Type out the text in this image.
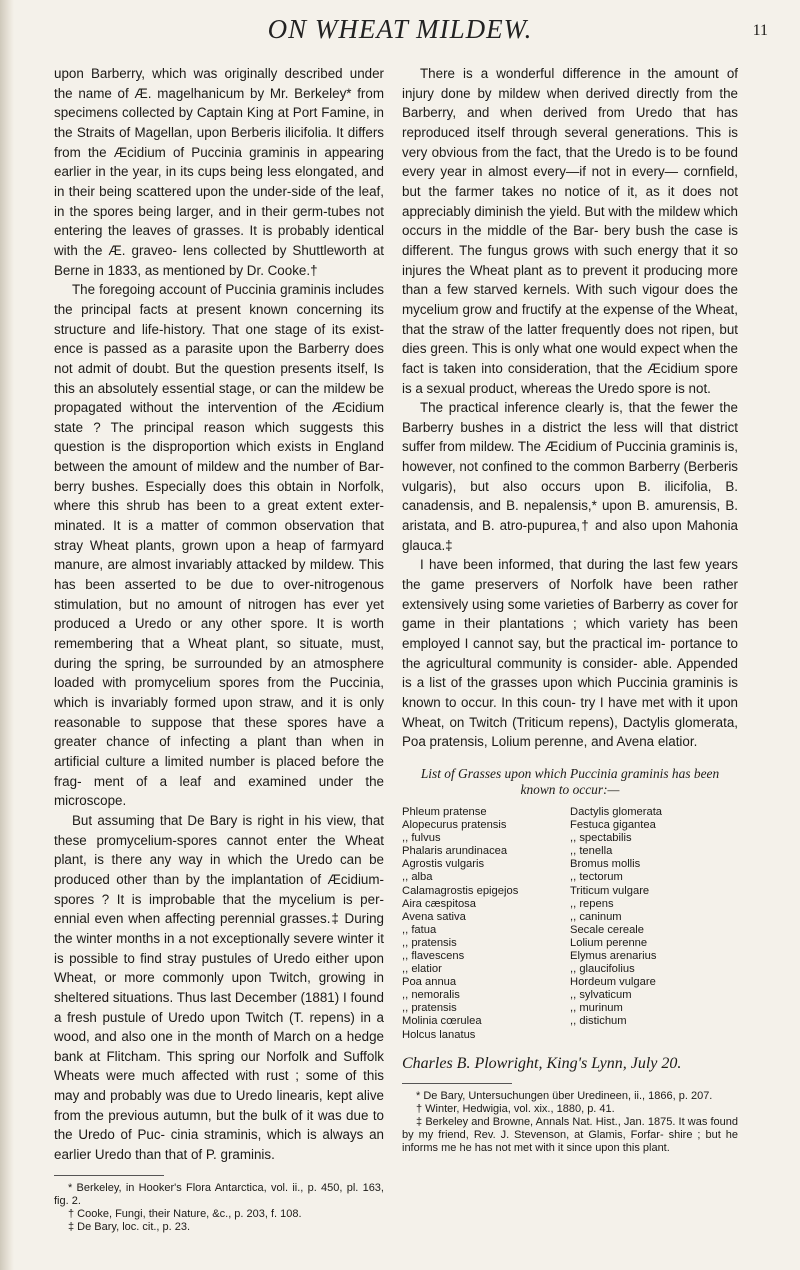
ON WHEAT MILDEW.	11

upon Barberry, which was originally described under the name of Æ. magelhanicum by Mr. Berkeley* from specimens collected by Captain King at Port Famine, in the Straits of Magellan, upon Berberis ilicifolia. It differs from the Æcidium of Puccinia graminis in appearing earlier in the year, in its cups being less elongated, and in their being scattered upon the under-side of the leaf, in the spores being larger, and in their germ-tubes not entering the leaves of grasses. It is probably identical with the Æ. graveo- lens collected by Shuttleworth at Berne in 1833, as mentioned by Dr. Cooke.†

The foregoing account of Puccinia graminis includes the principal facts at present known concerning its structure and life-history. That one stage of its exist- ence is passed as a parasite upon the Barberry does not admit of doubt. But the question presents itself, Is this an absolutely essential stage, or can the mildew be propagated without the intervention of the Æcidium state ? The principal reason which suggests this question is the disproportion which exists in England between the amount of mildew and the number of Bar- berry bushes. Especially does this obtain in Norfolk, where this shrub has been to a great extent exter- minated. It is a matter of common observation that stray Wheat plants, grown upon a heap of farmyard manure, are almost invariably attacked by mildew. This has been asserted to be due to over-nitrogenous stimulation, but no amount of nitrogen has ever yet produced a Uredo or any other spore. It is worth remembering that a Wheat plant, so situate, must, during the spring, be surrounded by an atmosphere loaded with promycelium spores from the Puccinia, which is invariably formed upon straw, and it is only reasonable to suppose that these spores have a greater chance of infecting a plant than when in artificial culture a limited number is placed before the frag- ment of a leaf and examined under the microscope.

But assuming that De Bary is right in his view, that these promycelium-spores cannot enter the Wheat plant, is there any way in which the Uredo can be produced other than by the implantation of Æcidium- spores ? It is improbable that the mycelium is per- ennial even when affecting perennial grasses.‡ During the winter months in a not exceptionally severe winter it is possible to find stray pustules of Uredo either upon Wheat, or more commonly upon Twitch, growing in sheltered situations. Thus last December (1881) I found a fresh pustule of Uredo upon Twitch (T. repens) in a wood, and also one in the month of March on a hedge bank at Flitcham. This spring our Norfolk and Suffolk Wheats were much affected with rust ; some of this may and probably was due to Uredo linearis, kept alive from the previous autumn, but the bulk of it was due to the Uredo of Puc- cinia straminis, which is always an earlier Uredo than that of P. graminis.

* Berkeley, in Hooker's Flora Antarctica, vol. ii., p. 450, pl. 163, fig. 2.
† Cooke, Fungi, their Nature, &c., p. 203, f. 108.
‡ De Bary, loc. cit., p. 23.

There is a wonderful difference in the amount of injury done by mildew when derived directly from the Barberry, and when derived from Uredo that has reproduced itself through several generations. This is very obvious from the fact, that the Uredo is to be found every year in almost every—if not in every— cornfield, but the farmer takes no notice of it, as it does not appreciably diminish the yield. But with the mildew which occurs in the middle of the Bar- bery bush the case is different. The fungus grows with such energy that it so injures the Wheat plant as to prevent it producing more than a few starved kernels. With such vigour does the mycelium grow and fructify at the expense of the Wheat, that the straw of the latter frequently does not ripen, but dies green. This is only what one would expect when the fact is taken into consideration, that the Æcidium spore is a sexual product, whereas the Uredo spore is not.

The practical inference clearly is, that the fewer the Barberry bushes in a district the less will that district suffer from mildew. The Æcidium of Puccinia graminis is, however, not confined to the common Barberry (Berberis vulgaris), but also occurs upon B. ilicifolia, B. canadensis, and B. nepalensis,* upon B. amurensis, B. aristata, and B. atro-pupurea,† and also upon Mahonia glauca.‡

I have been informed, that during the last few years the game preservers of Norfolk have been rather extensively using some varieties of Barberry as cover for game in their plantations ; which variety has been employed I cannot say, but the practical im- portance to the agricultural community is consider- able. Appended is a list of the grasses upon which Puccinia graminis is known to occur. In this coun- try I have met with it upon Wheat, on Twitch (Triticum repens), Dactylis glomerata, Poa pratensis, Lolium perenne, and Avena elatior.

List of Grasses upon which Puccinia graminis has been known to occur:—
Phleum pratense
Alopecurus pratensis
,, fulvus
Phalaris arundinacea
Agrostis vulgaris
,, alba
Calamagrostis epigejos
Aira cæspitosa
Avena sativa
,, fatua
,, pratensis
,, flavescens
,, elatior
Poa annua
,, nemoralis
,, pratensis
Molinia cœrulea
Holcus lanatus
Dactylis glomerata
Festuca gigantea
,, spectabilis
,, tenella
Bromus mollis
,, tectorum
Triticum vulgare
,, repens
,, caninum
Secale cereale
Lolium perenne
Elymus arenarius
,, glaucifolius
Hordeum vulgare
,, sylvaticum
,, murinum
,, distichum
Charles B. Plowright, King's Lynn, July 20.
* De Bary, Untersuchungen über Uredineen, ii., 1866, p. 207.
† Winter, Hedwigia, vol. xix., 1880, p. 41.
‡ Berkeley and Browne, Annals Nat. Hist., Jan. 1875. It was found by my friend, Rev. J. Stevenson, at Glamis, Forfar- shire ; but he informs me he has not met with it since upon this plant.
